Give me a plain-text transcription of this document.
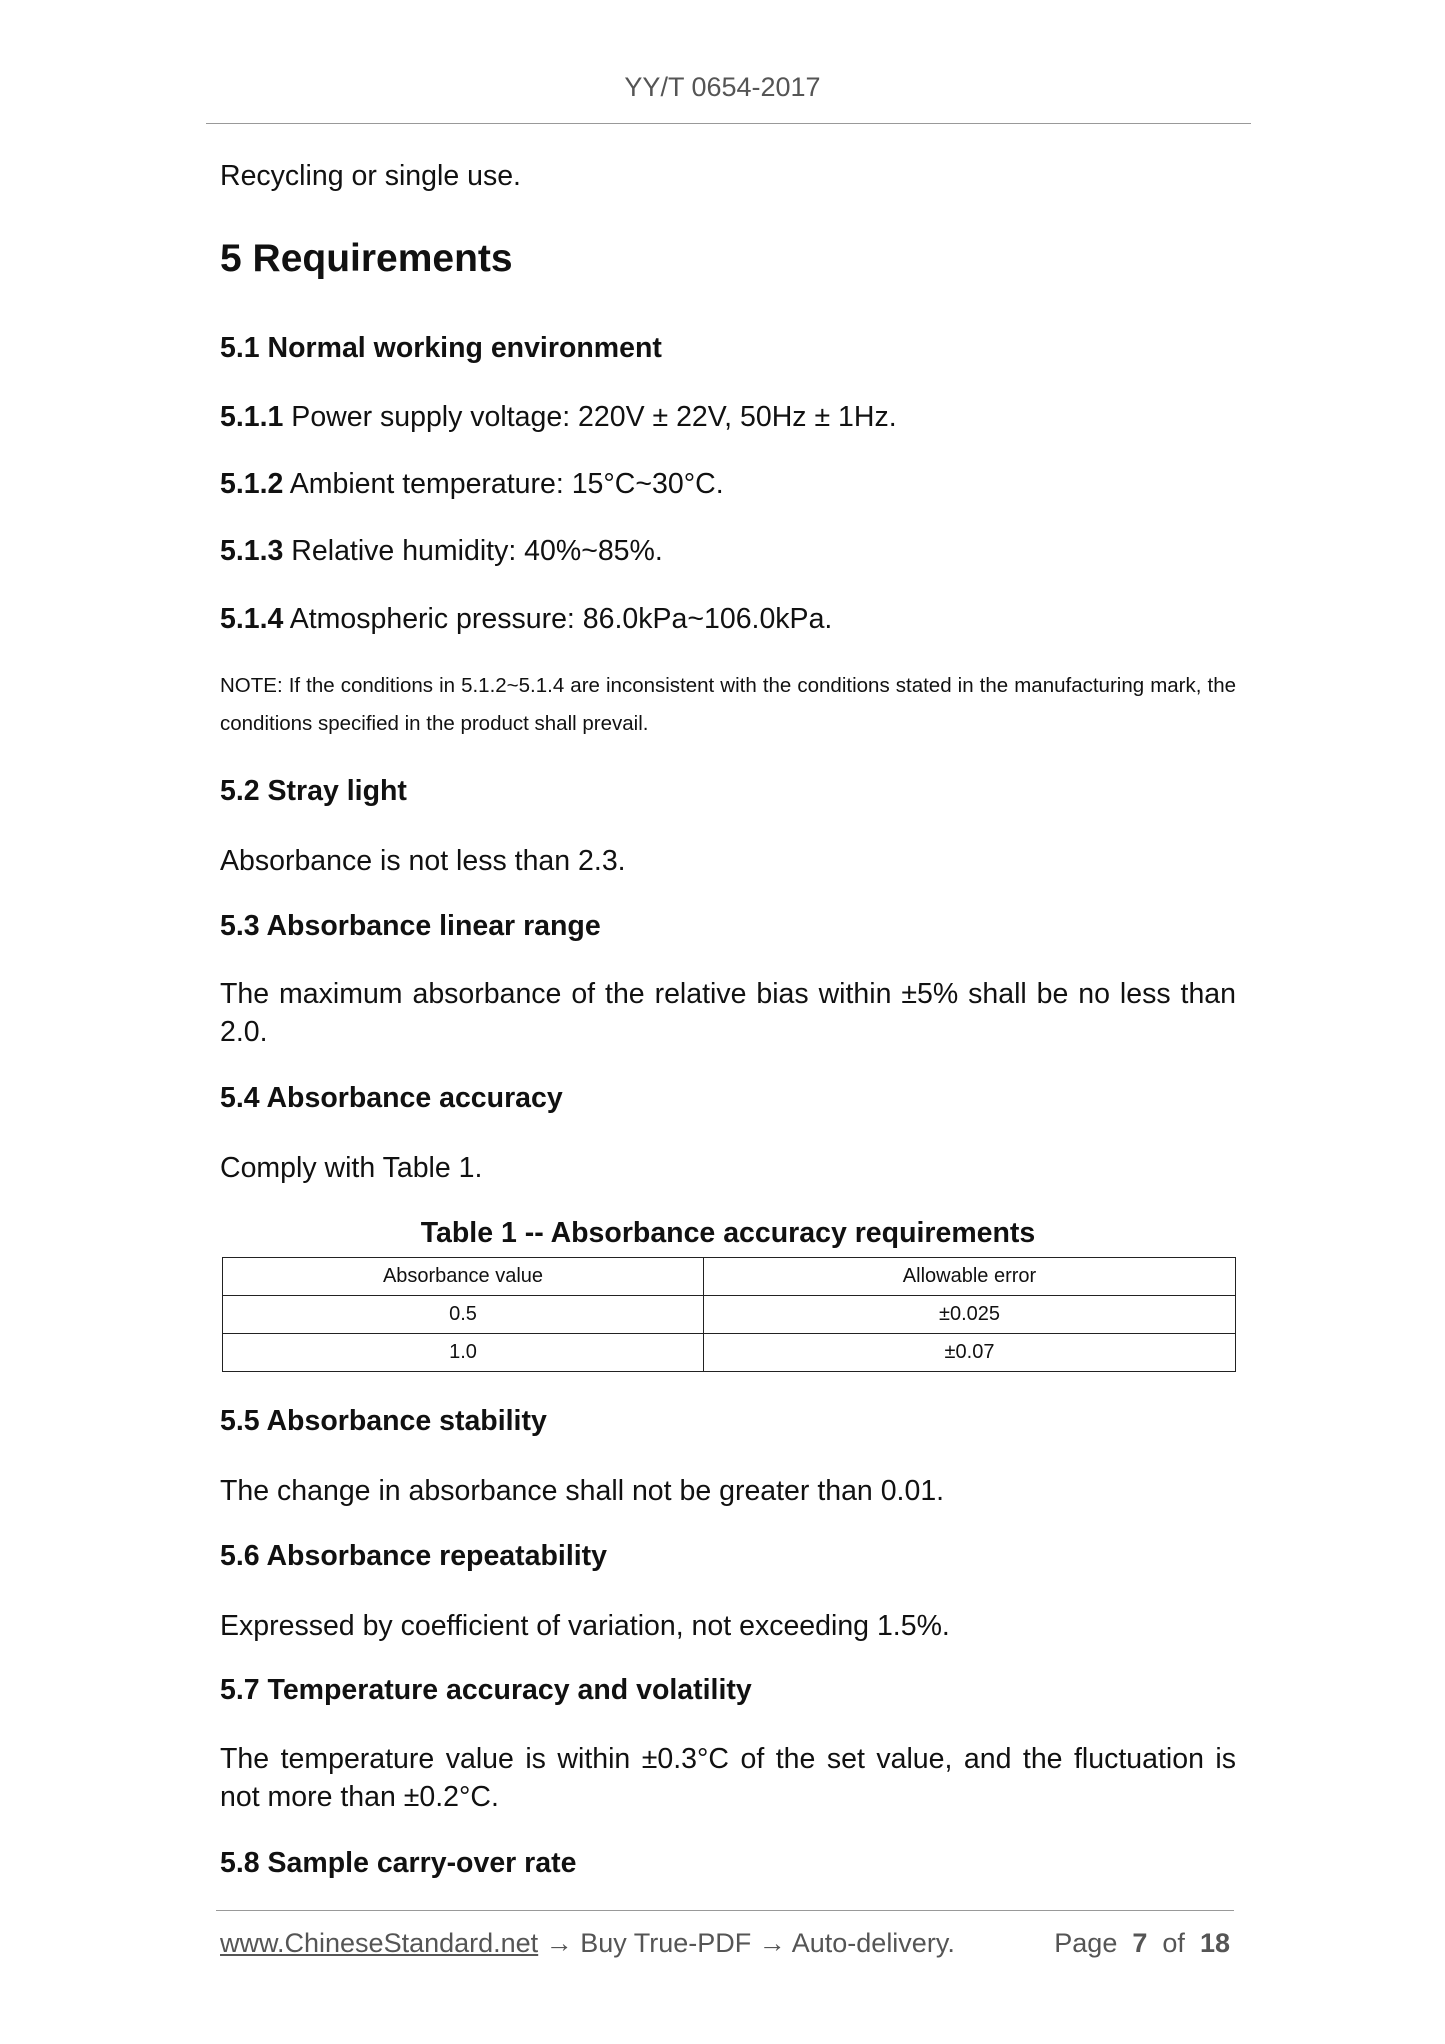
YY/T 0654-2017
Recycling or single use.
5 Requirements
5.1 Normal working environment
5.1.1 Power supply voltage: 220V ± 22V, 50Hz ± 1Hz.
5.1.2 Ambient temperature: 15°C~30°C.
5.1.3 Relative humidity: 40%~85%.
5.1.4 Atmospheric pressure: 86.0kPa~106.0kPa.
NOTE: If the conditions in 5.1.2~5.1.4 are inconsistent with the conditions stated in the manufacturing mark, the conditions specified in the product shall prevail.
5.2 Stray light
Absorbance is not less than 2.3.
5.3 Absorbance linear range
The maximum absorbance of the relative bias within ±5% shall be no less than 2.0.
5.4 Absorbance accuracy
Comply with Table 1.
Table 1 -- Absorbance accuracy requirements
Absorbance value	Allowable error
0.5	±0.025
1.0	±0.07
5.5 Absorbance stability
The change in absorbance shall not be greater than 0.01.
5.6 Absorbance repeatability
Expressed by coefficient of variation, not exceeding 1.5%.
5.7 Temperature accuracy and volatility
The temperature value is within ±0.3°C of the set value, and the fluctuation is not more than ±0.2°C.
5.8 Sample carry-over rate
www.ChineseStandard.net → Buy True-PDF → Auto-delivery.	Page 7 of 18
